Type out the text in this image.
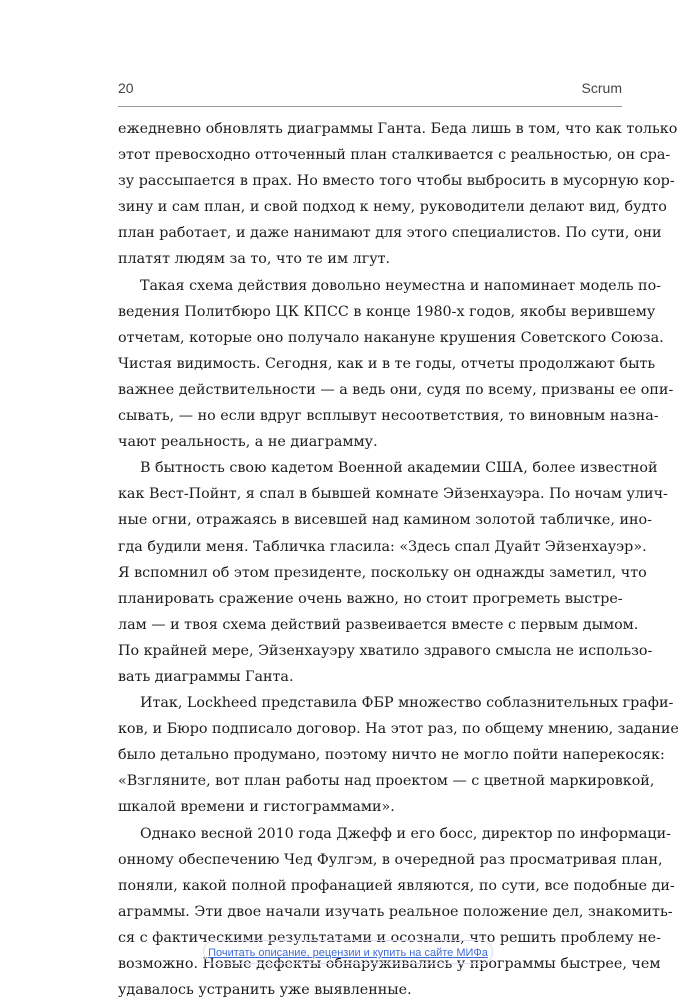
20	Scrum
ежедневно обновлять диаграммы Ганта. Беда лишь в том, что как только
этот превосходно отточенный план сталкивается с реальностью, он сра-
зу рассыпается в прах. Но вместо того чтобы выбросить в мусорную кор-
зину и сам план, и свой подход к нему, руководители делают вид, будто
план работает, и даже нанимают для этого специалистов. По сути, они
платят людям за то, что те им лгут.
Такая схема действия довольно неуместна и напоминает модель по-
ведения Политбюро ЦК КПСС в конце 1980-х годов, якобы верившему
отчетам, которые оно получало накануне крушения Советского Союза.
Чистая видимость. Сегодня, как и в те годы, отчеты продолжают быть
важнее действительности — а ведь они, судя по всему, призваны ее опи-
сывать, — но если вдруг всплывут несоответствия, то виновным назна-
чают реальность, а не диаграмму.
В бытность свою кадетом Военной академии США, более известной
как Вест-Пойнт, я спал в бывшей комнате Эйзенхауэра. По ночам улич-
ные огни, отражаясь в висевшей над камином золотой табличке, ино-
гда будили меня. Табличка гласила: «Здесь спал Дуайт Эйзенхауэр».
Я вспомнил об этом президенте, поскольку он однажды заметил, что
планировать сражение очень важно, но стоит прогреметь выстре-
лам — и твоя схема действий развеивается вместе с первым дымом.
По крайней мере, Эйзенхауэру хватило здравого смысла не использо-
вать диаграммы Ганта.
Итак, Lockheed представила ФБР множество соблазнительных графи-
ков, и Бюро подписало договор. На этот раз, по общему мнению, задание
было детально продумано, поэтому ничто не могло пойти наперекосяк:
«Взгляните, вот план работы над проектом — с цветной маркировкой,
шкалой времени и гистограммами».
Однако весной 2010 года Джефф и его босс, директор по информаци-
онному обеспечению Чед Фулгэм, в очередной раз просматривая план,
поняли, какой полной профанацией являются, по сути, все подобные ди-
аграммы. Эти двое начали изучать реальное положение дел, знакомить-
ся с фактическими результатами и осознали, что решить проблему не-
возможно. Новые дефекты обнаруживались у программы быстрее, чем
удавалось устранить уже выявленные.
Почитать описание, рецензии и купить на сайте МИФа
